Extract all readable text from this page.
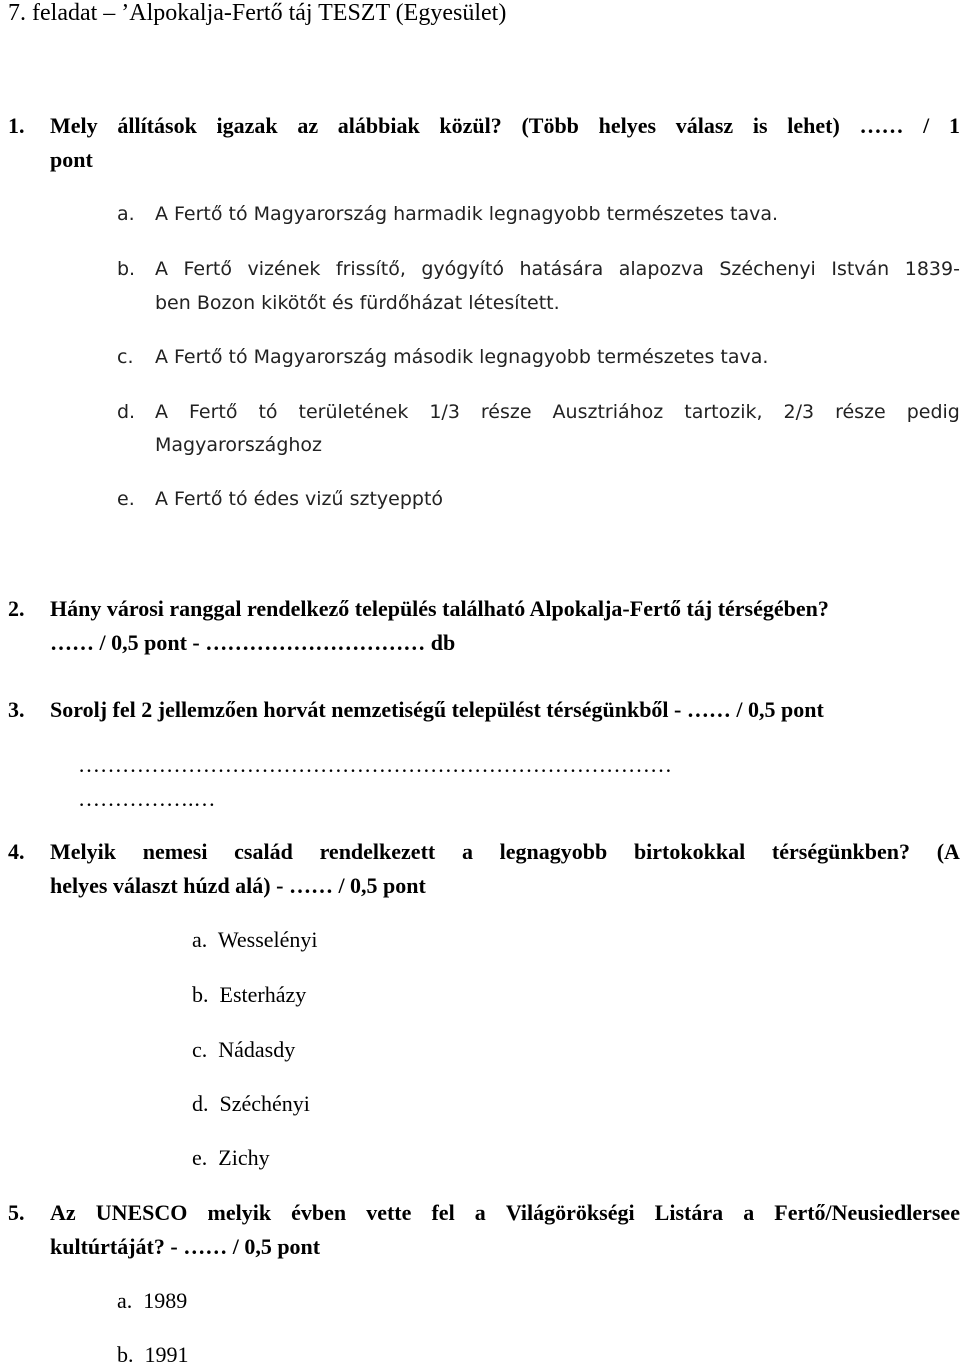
7. feladat – ’Alpokalja-Fertő táj TESZT (Egyesület)
1. Mely állítások igazak az alábbiak közül? (Több helyes válasz is lehet) …… / 1
pont
a. A Fertő tó Magyarország harmadik legnagyobb természetes tava.
b. A Fertő vizének frissítő, gyógyító hatására alapozva Széchenyi István 1839-
ben Bozon kikötőt és fürdőházat létesített.
c. A Fertő tó Magyarország második legnagyobb természetes tava.
d. A Fertő tó területének 1/3 része Ausztriához tartozik, 2/3 része pedig
Magyarországhoz
e. A Fertő tó édes vizű sztyepptó
2. Hány városi ranggal rendelkező település található Alpokalja-Fertő táj térségében?
…… / 0,5 pont - ………………………… db
3. Sorolj fel 2 jellemzően horvát nemzetiségű települést térségünkből - …… / 0,5 pont
………………………………………………………………………
…………….…
4. Melyik nemesi család rendelkezett a legnagyobb birtokokkal térségünkben? (A
helyes választ húzd alá) - …… / 0,5 pont
a. Wesselényi
b. Esterházy
c. Nádasdy
d. Széchényi
e. Zichy
5. Az UNESCO melyik évben vette fel a Világörökségi Listára a Fertő/Neusiedlersee
kultúrtáját? - …… / 0,5 pont
a. 1989
b. 1991
